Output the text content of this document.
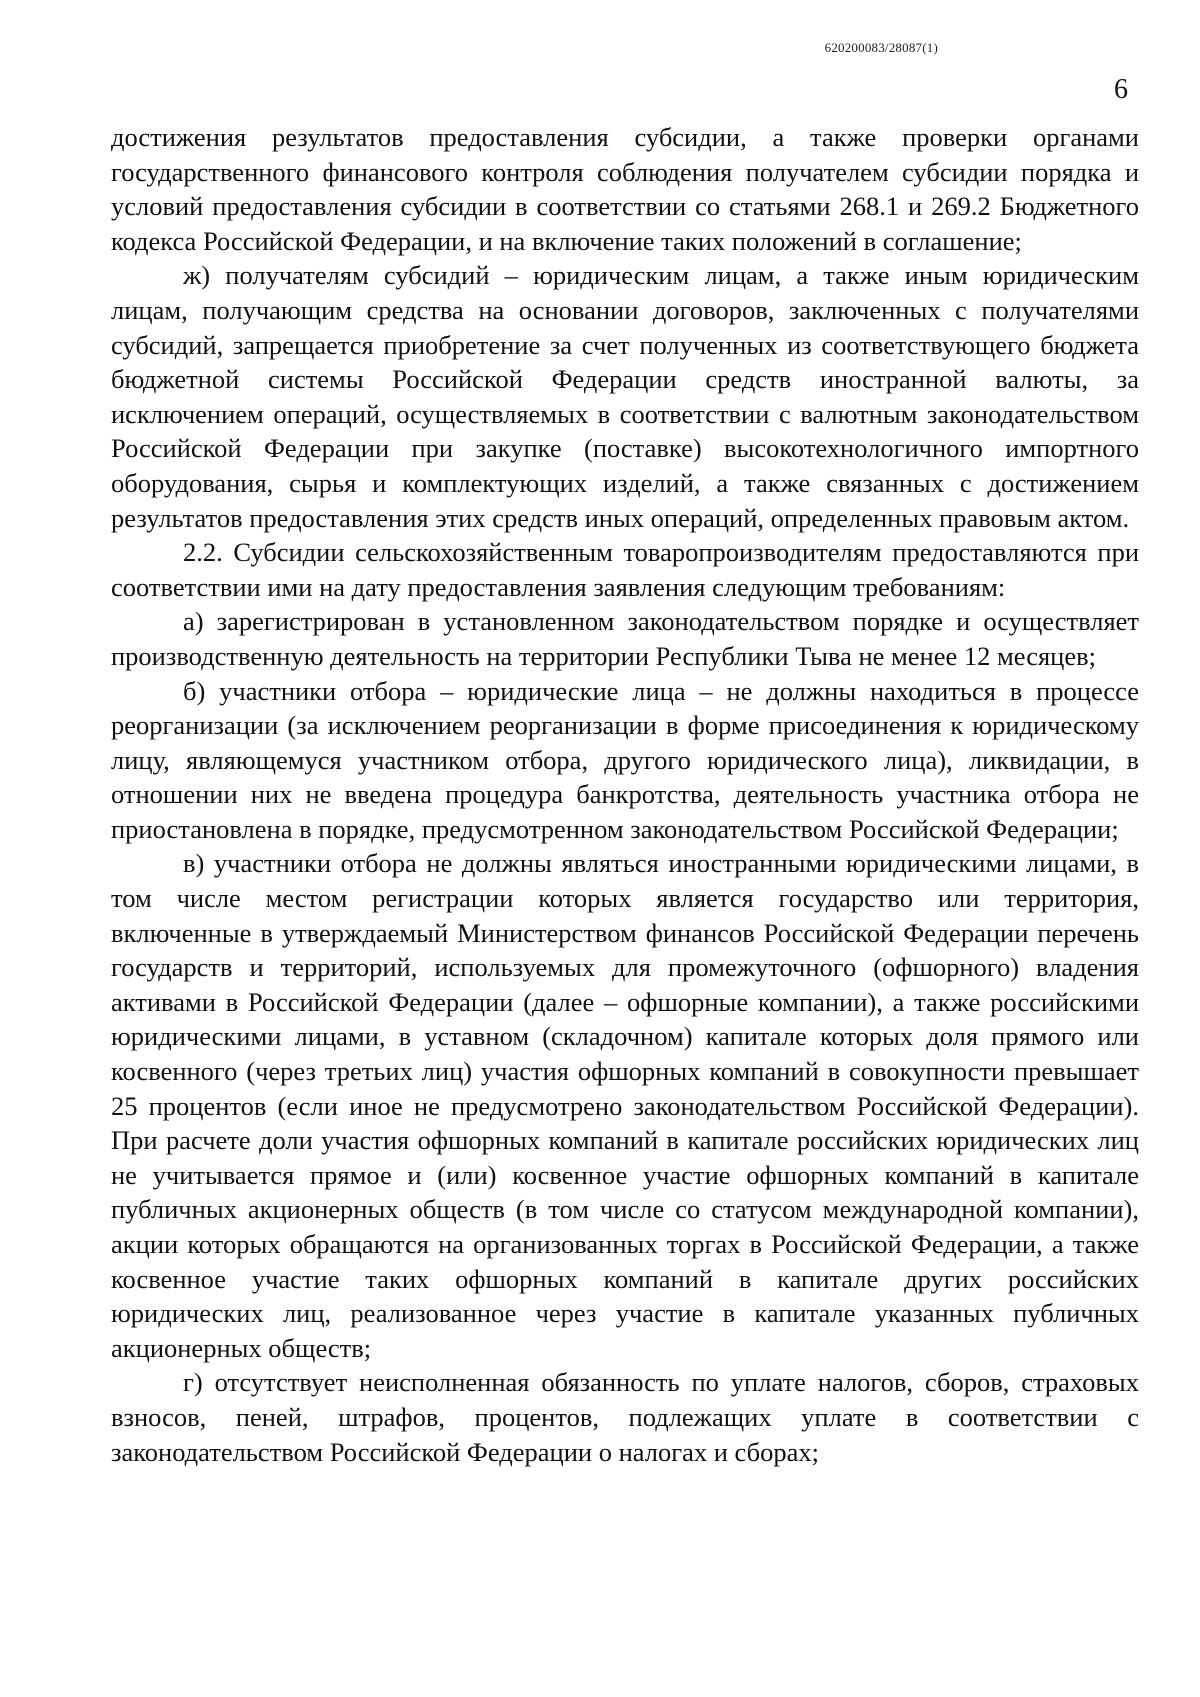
620200083/28087(1)
6

достижения результатов предоставления субсидии, а также проверки органами государственного финансового контроля соблюдения получателем субсидии порядка и условий предоставления субсидии в соответствии со статьями 268.1 и 269.2 Бюджетного кодекса Российской Федерации, и на включение таких положений в соглашение;

ж) получателям субсидий – юридическим лицам, а также иным юридическим лицам, получающим средства на основании договоров, заключенных с получателями субсидий, запрещается приобретение за счет полученных из соответствующего бюджета бюджетной системы Российской Федерации средств иностранной валюты, за исключением операций, осуществляемых в соответствии с валютным законодательством Российской Федерации при закупке (поставке) высокотехнологичного импортного оборудования, сырья и комплектующих изделий, а также связанных с достижением результатов предоставления этих средств иных операций, определенных правовым актом.

2.2. Субсидии сельскохозяйственным товаропроизводителям предоставляются при соответствии ими на дату предоставления заявления следующим требованиям:

а) зарегистрирован в установленном законодательством порядке и осуществляет производственную деятельность на территории Республики Тыва не менее 12 месяцев;

б) участники отбора – юридические лица – не должны находиться в процессе реорганизации (за исключением реорганизации в форме присоединения к юридическому лицу, являющемуся участником отбора, другого юридического лица), ликвидации, в отношении них не введена процедура банкротства, деятельность участника отбора не приостановлена в порядке, предусмотренном законодательством Российской Федерации;

в) участники отбора не должны являться иностранными юридическими лицами, в том числе местом регистрации которых является государство или территория, включенные в утверждаемый Министерством финансов Российской Федерации перечень государств и территорий, используемых для промежуточного (офшорного) владения активами в Российской Федерации (далее – офшорные компании), а также российскими юридическими лицами, в уставном (складочном) капитале которых доля прямого или косвенного (через третьих лиц) участия офшорных компаний в совокупности превышает 25 процентов (если иное не предусмотрено законодательством Российской Федерации). При расчете доли участия офшорных компаний в капитале российских юридических лиц не учитывается прямое и (или) косвенное участие офшорных компаний в капитале публичных акционерных обществ (в том числе со статусом международной компании), акции которых обращаются на организованных торгах в Российской Федерации, а также косвенное участие таких офшорных компаний в капитале других российских юридических лиц, реализованное через участие в капитале указанных публичных акционерных обществ;

г) отсутствует неисполненная обязанность по уплате налогов, сборов, страховых взносов, пеней, штрафов, процентов, подлежащих уплате в соответствии с законодательством Российской Федерации о налогах и сборах;
